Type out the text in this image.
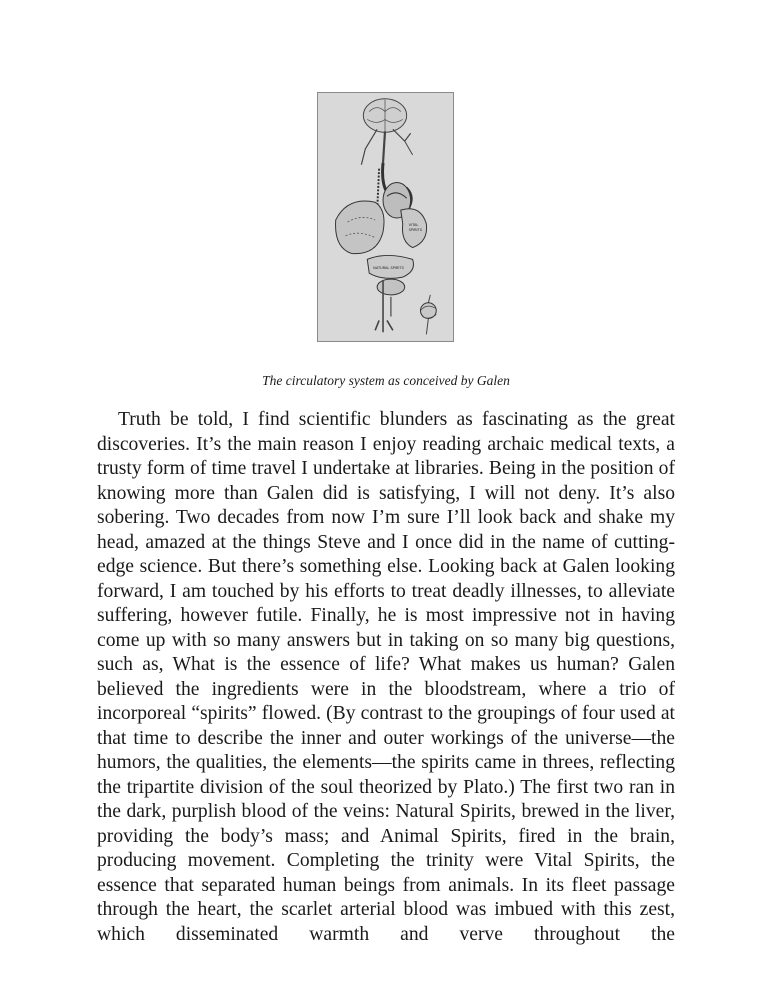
VITAL
SPIRITS
NATURAL SPIRITS
The circulatory system as conceived by Galen

Truth be told, I find scientific blunders as fascinating as the great discoveries. It’s the main reason I enjoy reading archaic medical texts, a trusty form of time travel I undertake at libraries. Being in the position of knowing more than Galen did is satisfying, I will not deny. It’s also sobering. Two decades from now I’m sure I’ll look back and shake my head, amazed at the things Steve and I once did in the name of cutting-edge science. But there’s something else. Looking back at Galen looking forward, I am touched by his efforts to treat deadly illnesses, to alleviate suffering, however futile. Finally, he is most impressive not in having come up with so many answers but in taking on so many big questions, such as, What is the essence of life? What makes us human? Galen believed the ingredients were in the bloodstream, where a trio of incorporeal “spirits” flowed. (By contrast to the groupings of four used at that time to describe the inner and outer workings of the universe—the humors, the qualities, the elements—the spirits came in threes, reflecting the tripartite division of the soul theorized by Plato.) The first two ran in the dark, purplish blood of the veins: Natural Spirits, brewed in the liver, providing the body’s mass; and Animal Spirits, fired in the brain, producing movement. Completing the trinity were Vital Spirits, the essence that separated human beings from animals. In its fleet passage through the heart, the scarlet arterial blood was imbued with this zest, which disseminated warmth and verve throughout the
